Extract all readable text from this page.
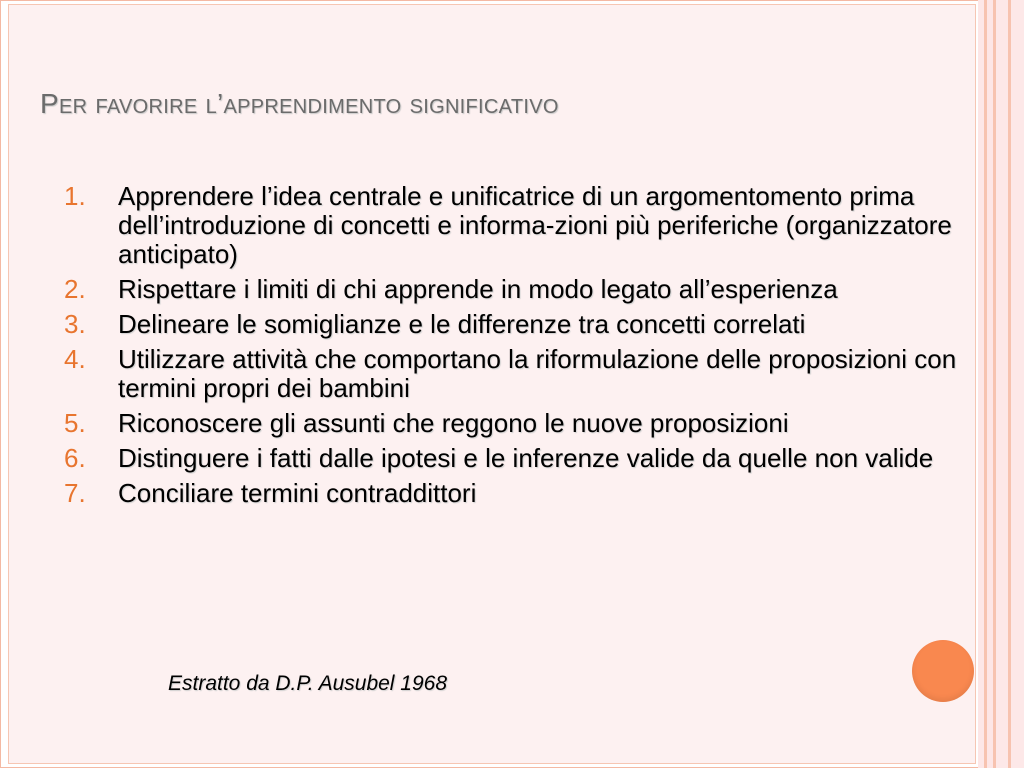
Per favorire l’apprendimento significativo
1. Apprendere l’idea centrale e unificatrice di un argomentomento prima dell’introduzione di concetti e informa-zioni più periferiche (organizzatore anticipato)
2. Rispettare i limiti di chi apprende in modo legato all’esperienza
3. Delineare le somiglianze e le differenze tra concetti correlati
4. Utilizzare attività che comportano la riformulazione delle proposizioni con termini propri dei bambini
5. Riconoscere gli assunti che reggono le nuove proposizioni
6. Distinguere i fatti dalle ipotesi e le inferenze valide da quelle non valide
7. Conciliare termini contraddittori
Estratto da D.P. Ausubel 1968
